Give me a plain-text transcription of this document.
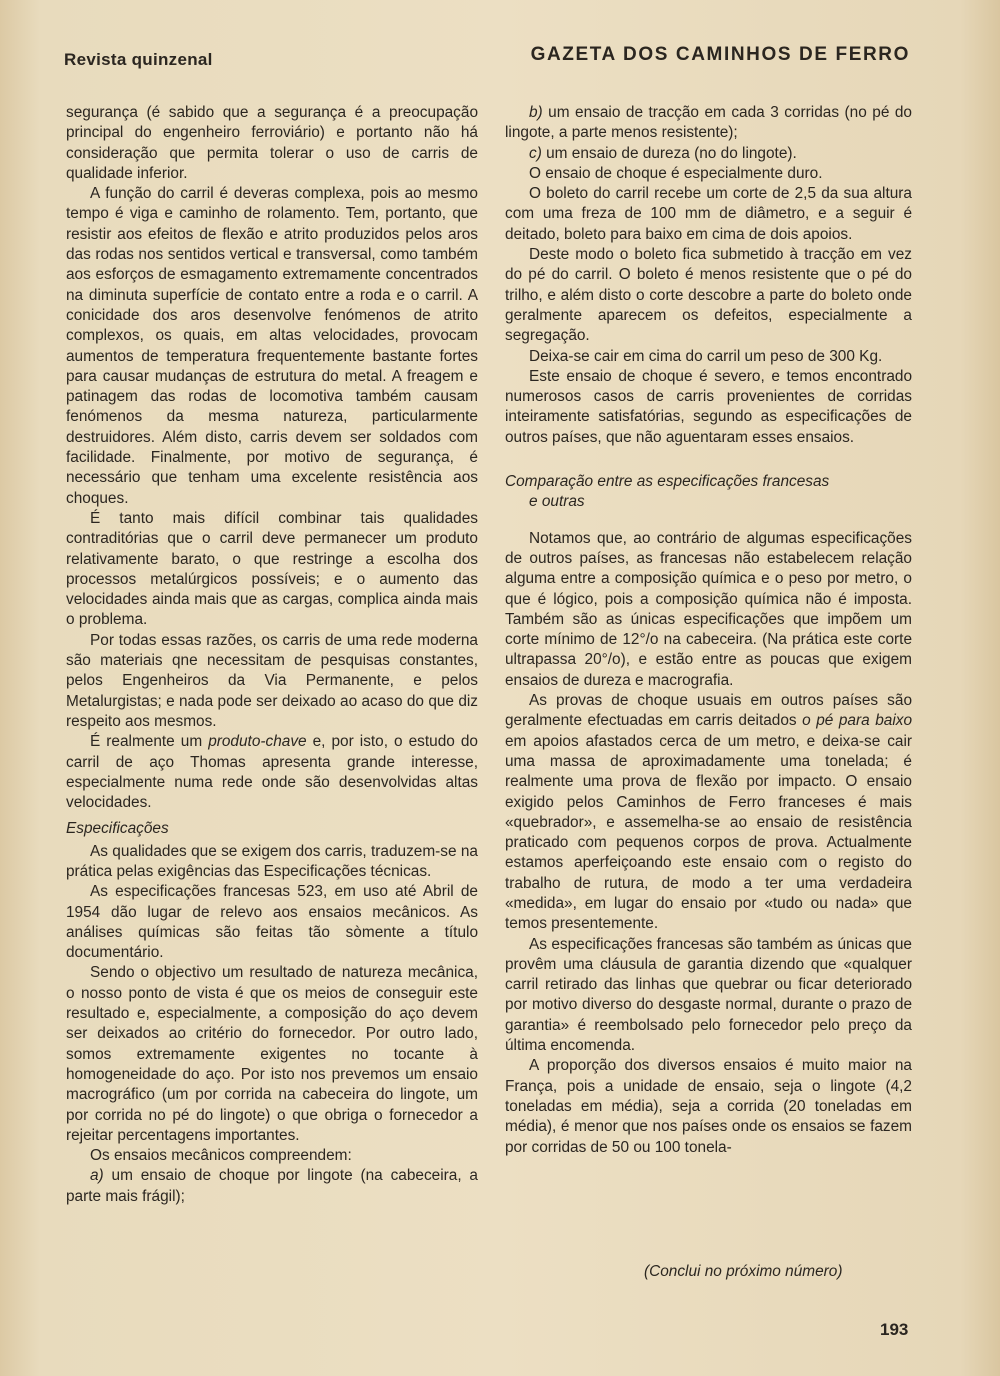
Revista quinzenal	GAZETA DOS CAMINHOS DE FERRO

segurança (é sabido que a segurança é a preocupação principal do engenheiro ferroviário) e portanto não há consideração que permita tolerar o uso de carris de qualidade inferior.

A função do carril é deveras complexa, pois ao mesmo tempo é viga e caminho de rolamento. Tem, portanto, que resistir aos efeitos de flexão e atrito produzidos pelos aros das rodas nos sentidos vertical e transversal, como também aos esforços de esmagamento extremamente concentrados na diminuta superfície de contato entre a roda e o carril. A conicidade dos aros desenvolve fenómenos de atrito complexos, os quais, em altas velocidades, provocam aumentos de temperatura frequentemente bastante fortes para causar mudanças de estrutura do metal. A freagem e patinagem das rodas de locomotiva também causam fenómenos da mesma natureza, particularmente destruidores. Além disto, carris devem ser soldados com facilidade. Finalmente, por motivo de segurança, é necessário que tenham uma excelente resistência aos choques.

É tanto mais difícil combinar tais qualidades contraditórias que o carril deve permanecer um produto relativamente barato, o que restringe a escolha dos processos metalúrgicos possíveis; e o aumento das velocidades ainda mais que as cargas, complica ainda mais o problema.

Por todas essas razões, os carris de uma rede moderna são materiais qne necessitam de pesquisas constantes, pelos Engenheiros da Via Permanente, e pelos Metalurgistas; e nada pode ser deixado ao acaso do que diz respeito aos mesmos.

É realmente um produto-chave e, por isto, o estudo do carril de aço Thomas apresenta grande interesse, especialmente numa rede onde são desenvolvidas altas velocidades.

Especificações

As qualidades que se exigem dos carris, traduzem-se na prática pelas exigências das Especificações técnicas.

As especificações francesas 523, em uso até Abril de 1954 dão lugar de relevo aos ensaios mecânicos. As análises químicas são feitas tão sòmente a título documentário.

Sendo o objectivo um resultado de natureza mecânica, o nosso ponto de vista é que os meios de conseguir este resultado e, especialmente, a composição do aço devem ser deixados ao critério do fornecedor. Por outro lado, somos extremamente exigentes no tocante à homogeneidade do aço. Por isto nos prevemos um ensaio macrográfico (um por corrida na cabeceira do lingote, um por corrida no pé do lingote) o que obriga o fornecedor a rejeitar percentagens importantes.

Os ensaios mecânicos compreendem:

a) um ensaio de choque por lingote (na cabeceira, a parte mais frágil);

b) um ensaio de tracção em cada 3 corridas (no pé do lingote, a parte menos resistente);

c) um ensaio de dureza (no do lingote).

O ensaio de choque é especialmente duro.

O boleto do carril recebe um corte de 2,5 da sua altura com uma freza de 100 mm de diâmetro, e a seguir é deitado, boleto para baixo em cima de dois apoios.

Deste modo o boleto fica submetido à tracção em vez do pé do carril. O boleto é menos resistente que o pé do trilho, e além disto o corte descobre a parte do boleto onde geralmente aparecem os defeitos, especialmente a segregação.

Deixa-se cair em cima do carril um peso de 300 Kg.

Este ensaio de choque é severo, e temos encontrado numerosos casos de carris provenientes de corridas inteiramente satisfatórias, segundo as especificações de outros países, que não aguentaram esses ensaios.

Comparação entre as especificações francesas
e outras

Notamos que, ao contrário de algumas especificações de outros países, as francesas não estabelecem relação alguma entre a composição química e o peso por metro, o que é lógico, pois a composição química não é imposta. Também são as únicas especificações que impõem um corte mínimo de 12°/o na cabeceira. (Na prática este corte ultrapassa 20°/o), e estão entre as poucas que exigem ensaios de dureza e macrografia.

As provas de choque usuais em outros países são geralmente efectuadas em carris deitados o pé para baixo em apoios afastados cerca de um metro, e deixa-se cair uma massa de aproximadamente uma tonelada; é realmente uma prova de flexão por impacto. O ensaio exigido pelos Caminhos de Ferro franceses é mais «quebrador», e assemelha-se ao ensaio de resistência praticado com pequenos corpos de prova. Actualmente estamos aperfeiçoando este ensaio com o registo do trabalho de rutura, de modo a ter uma verdadeira «medida», em lugar do ensaio por «tudo ou nada» que temos presentemente.

As especificações francesas são também as únicas que provêm uma cláusula de garantia dizendo que «qualquer carril retirado das linhas que quebrar ou ficar deteriorado por motivo diverso do desgaste normal, durante o prazo de garantia» é reembolsado pelo fornecedor pelo preço da última encomenda.

A proporção dos diversos ensaios é muito maior na França, pois a unidade de ensaio, seja o lingote (4,2 toneladas em média), seja a corrida (20 toneladas em média), é menor que nos países onde os ensaios se fazem por corridas de 50 ou 100 tonela-

(Conclui no próximo número)
193
